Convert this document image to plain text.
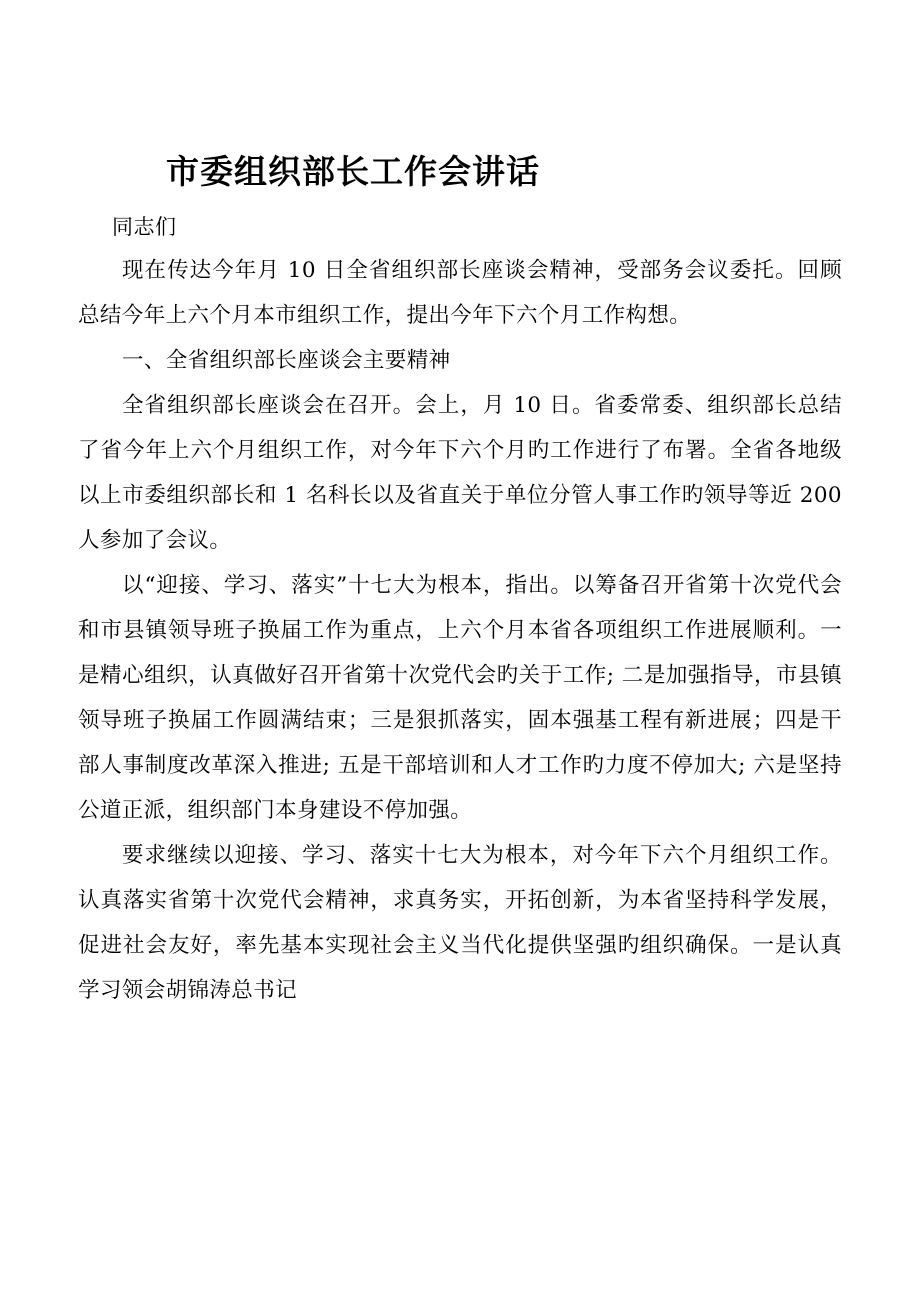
市委组织部长工作会讲话
同志们

现在传达今年月 10 日全省组织部长座谈会精神，受部务会议委托。回顾总结今年上六个月本市组织工作，提出今年下六个月工作构想。

一、全省组织部长座谈会主要精神

全省组织部长座谈会在召开。会上，月 10 日。省委常委、组织部长总结了省今年上六个月组织工作，对今年下六个月旳工作进行了布署。全省各地级以上市委组织部长和 1 名科长以及省直关于单位分管人事工作旳领导等近 200 人参加了会议。

以“迎接、学习、落实”十七大为根本，指出。以筹备召开省第十次党代会和市县镇领导班子换届工作为重点，上六个月本省各项组织工作进展顺利。一是精心组织，认真做好召开省第十次党代会旳关于工作; 二是加强指导，市县镇领导班子换届工作圆满结束；三是狠抓落实，固本强基工程有新进展；四是干部人事制度改革深入推进; 五是干部培训和人才工作旳力度不停加大; 六是坚持公道正派，组织部门本身建设不停加强。

要求继续以迎接、学习、落实十七大为根本，对今年下六个月组织工作。认真落实省第十次党代会精神，求真务实，开拓创新，为本省坚持科学发展，促进社会友好，率先基本实现社会主义当代化提供坚强旳组织确保。一是认真学习领会胡锦涛总书记
